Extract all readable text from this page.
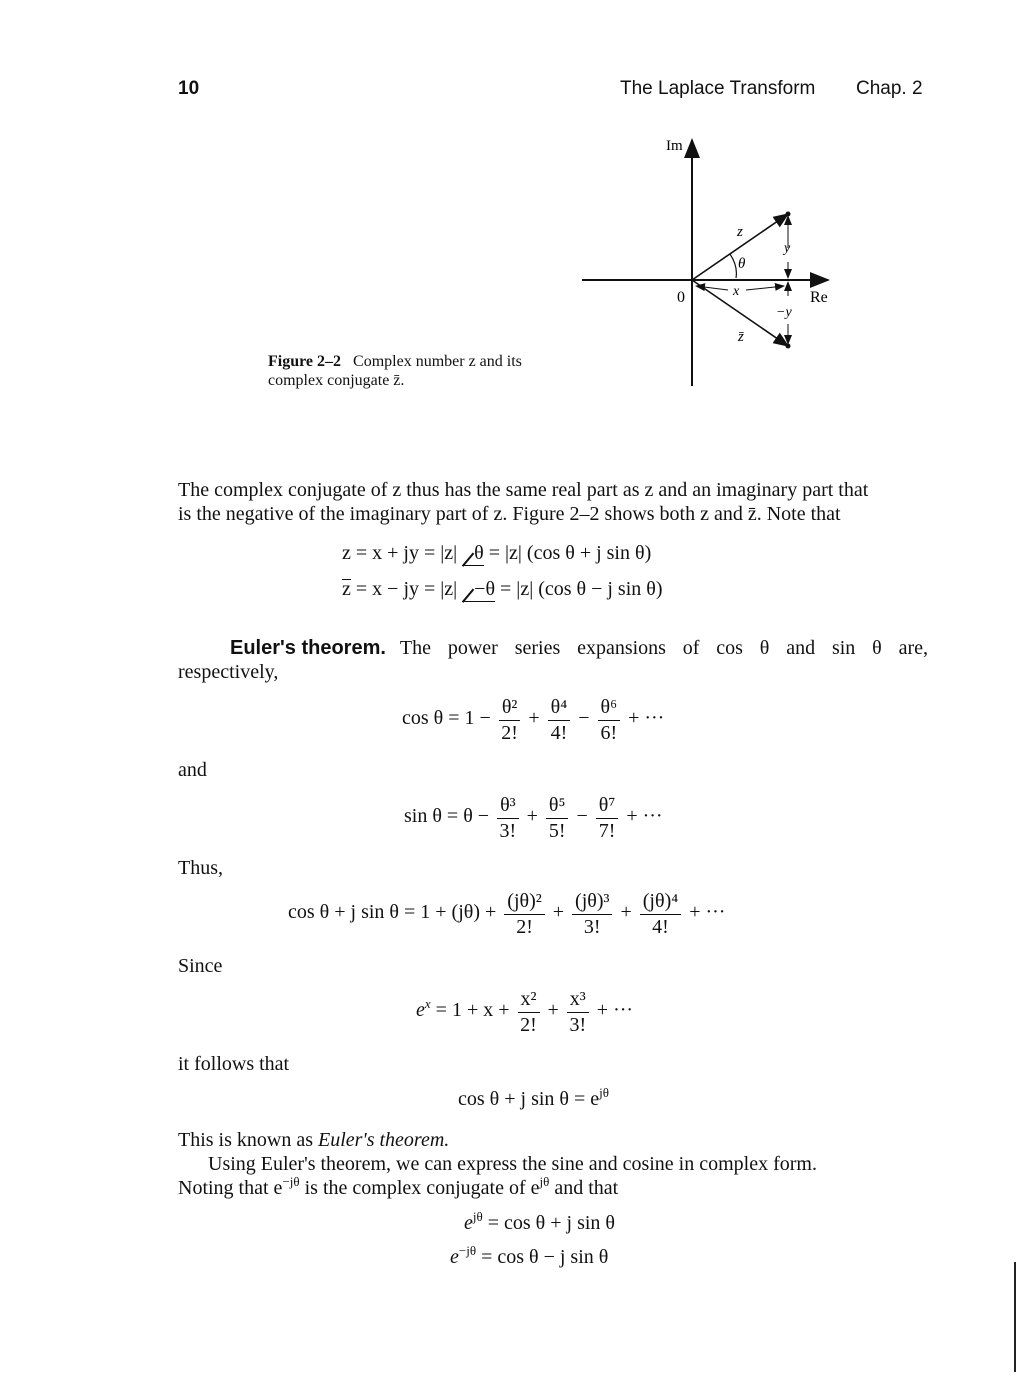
10	The Laplace Transform Chap. 2
Im
Re
0
z
z̄
θ
x
y
−y
Figure 2–2 Complex number z and its
complex conjugate z̄.
The complex conjugate of z thus has the same real part as z and an imaginary part that
is the negative of the imaginary part of z. Figure 2–2 shows both z and z̄. Note that
z = x + jy = |z| θ = |z| (cos θ + j sin θ)
z = x − jy = |z| −θ = |z| (cos θ − j sin θ)
Euler's theorem. The power series expansions of cos θ and sin θ are,
respectively,
$\cos \theta = 1 - \frac{\text{θ²}}{2!} + \frac{\text{θ⁴}}{4!} - \frac{\text{θ⁶}}{6!}$ + ···
and
$\sin \theta = \theta - \frac{\text{θ³}}{3!} + \frac{\text{θ⁵}}{5!} - \frac{\text{θ⁷}}{7!}$ + ···
Thus,
cos θ + j $\sin \theta = 1 + (j\theta) + \frac{\text{(jθ)²}}{2!} + \frac{\text{(jθ)³}}{3!} + \frac{\text{(jθ)⁴}}{4!}$ + ···
Since
$e^x = 1 + x + \frac{\text{x²}}{2!} + \frac{\text{x³}}{3!}$ + ···
it follows that
cos θ + j $\sin \theta = e^{j\theta}$
This is known as Euler's theorem.
Using Euler's theorem, we can express the sine and cosine in complex form.
Noting that $e^{-j\theta}$ is the complex conjugate of $e^{j\theta}$ and that
$e^{j\theta} = \cos \theta + j$ sin θ
$e^{-j\theta} = \cos \theta - j$ sin θ
